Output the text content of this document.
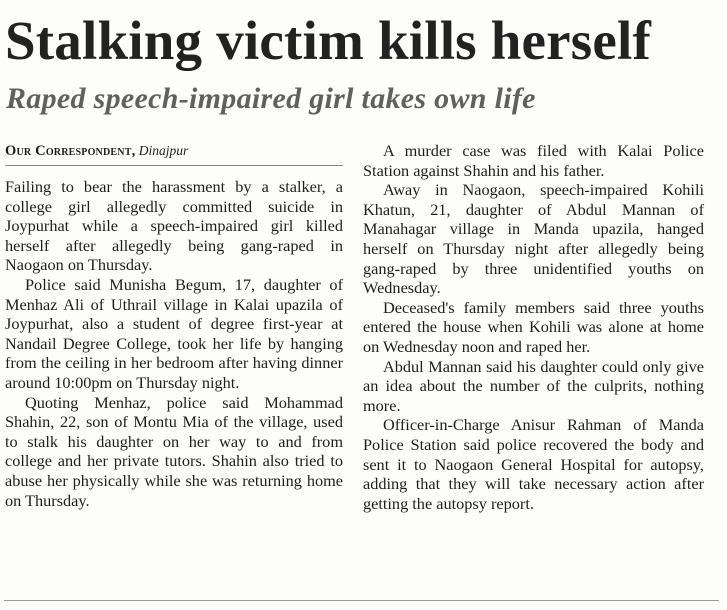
Stalking victim kills herself
Raped speech-impaired girl takes own life
Our Correspondent, Dinajpur

Failing to bear the harassment by a stalker, a college girl allegedly committed suicide in Joypurhat while a speech-impaired girl killed herself after allegedly being gang-raped in Naogaon on Thursday.

Police said Munisha Begum, 17, daughter of Menhaz Ali of Uthrail village in Kalai upazila of Joypurhat, also a student of degree first-year at Nandail Degree College, took her life by hanging from the ceiling in her bedroom after having dinner around 10:00pm on Thursday night.

Quoting Menhaz, police said Mohammad Shahin, 22, son of Montu Mia of the village, used to stalk his daughter on her way to and from college and her private tutors. Shahin also tried to abuse her physically while she was returning home on Thursday.

A murder case was filed with Kalai Police Station against Shahin and his father.

Away in Naogaon, speech-impaired Kohili Khatun, 21, daughter of Abdul Mannan of Manahagar village in Manda upazila, hanged herself on Thursday night after allegedly being gang-raped by three unidentified youths on Wednesday.

Deceased's family members said three youths entered the house when Kohili was alone at home on Wednesday noon and raped her.

Abdul Mannan said his daughter could only give an idea about the number of the culprits, nothing more.

Officer-in-Charge Anisur Rahman of Manda Police Station said police recovered the body and sent it to Naogaon General Hospital for autopsy, adding that they will take necessary action after getting the autopsy report.
